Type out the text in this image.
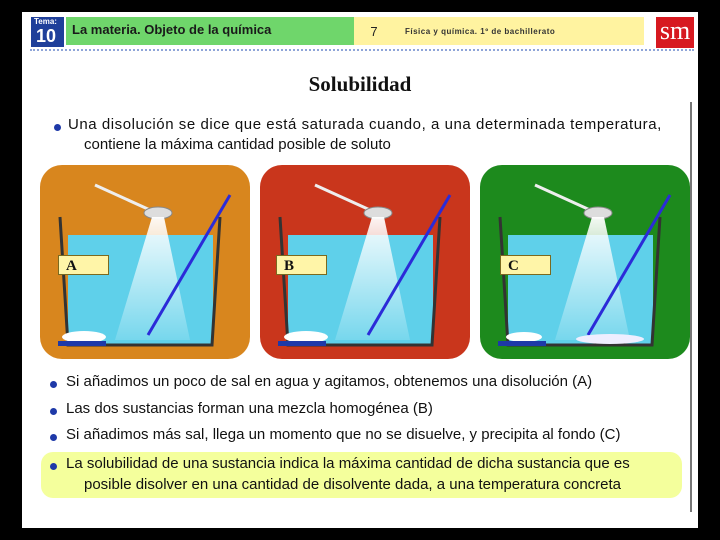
Tema:
10 La materia. Objeto de la química	7	Física y química. 1º de bachillerato	sm
Solubilidad
Una disolución se dice que está saturada cuando, a una determinada temperatura,
contiene la máxima cantidad posible de soluto
A	B	C
Si añadimos un poco de sal en agua y agitamos, obtenemos una disolución (A)
Las dos sustancias forman una mezcla homogénea (B)
Si añadimos más sal, llega un momento que no se disuelve, y precipita al fondo (C)
La solubilidad de una sustancia indica la máxima cantidad de dicha sustancia que es
posible disolver en una cantidad de disolvente dada, a una temperatura concreta
